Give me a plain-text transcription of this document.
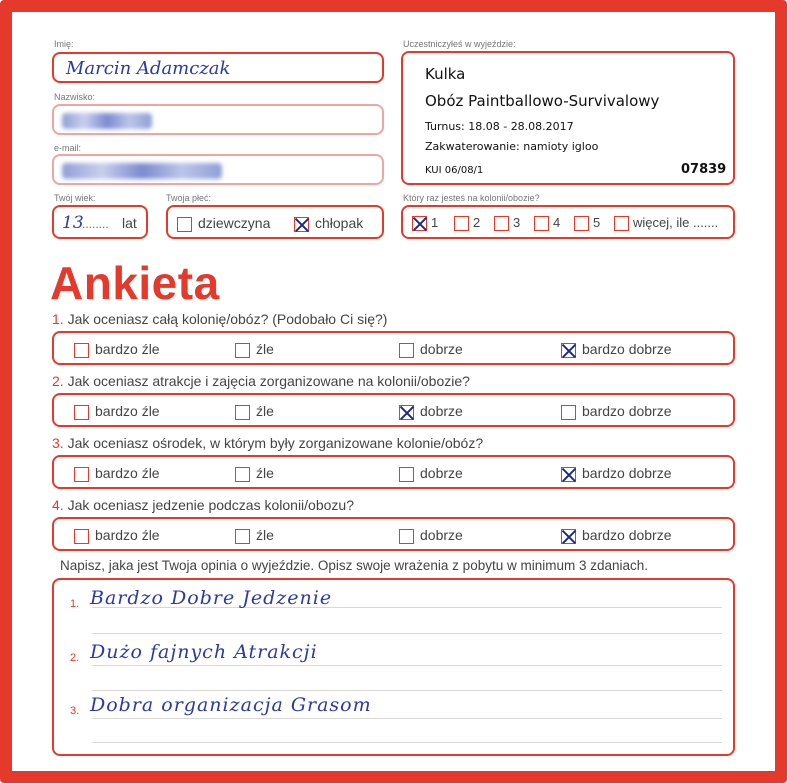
Imię:
Marcin Adamczak
Nazwisko:
e-mail:
Twój wiek:
13
........ lat
Twoja płeć:
dziewczyna	chłopak
Uczestniczyłeś w wyjeździe:
Kulka
Obóz Paintballowo-Survivalowy
Turnus: 18.08 - 28.08.2017
Zakwaterowanie: namioty igloo
KUI 06/08/1	07839
Który raz jesteś na kolonii/obozie?
1	2	3	4	5	więcej, ile .......
Ankieta
1. Jak oceniasz całą kolonię/obóz? (Podobało Ci się?)
bardzo źle	źle	dobrze	bardzo dobrze
2. Jak oceniasz atrakcje i zajęcia zorganizowane na kolonii/obozie?
bardzo źle	źle	dobrze	bardzo dobrze
3. Jak oceniasz ośrodek, w którym były zorganizowane kolonie/obóz?
bardzo źle	źle	dobrze	bardzo dobrze
4. Jak oceniasz jedzenie podczas kolonii/obozu?
bardzo źle	źle	dobrze	bardzo dobrze
Napisz, jaka jest Twoja opinia o wyjeździe. Opisz swoje wrażenia z pobytu w minimum 3 zdaniach.
1. Bardzo Dobre Jedzenie
2. Dużo fajnych Atrakcji
3. Dobra organizacja Grasom
